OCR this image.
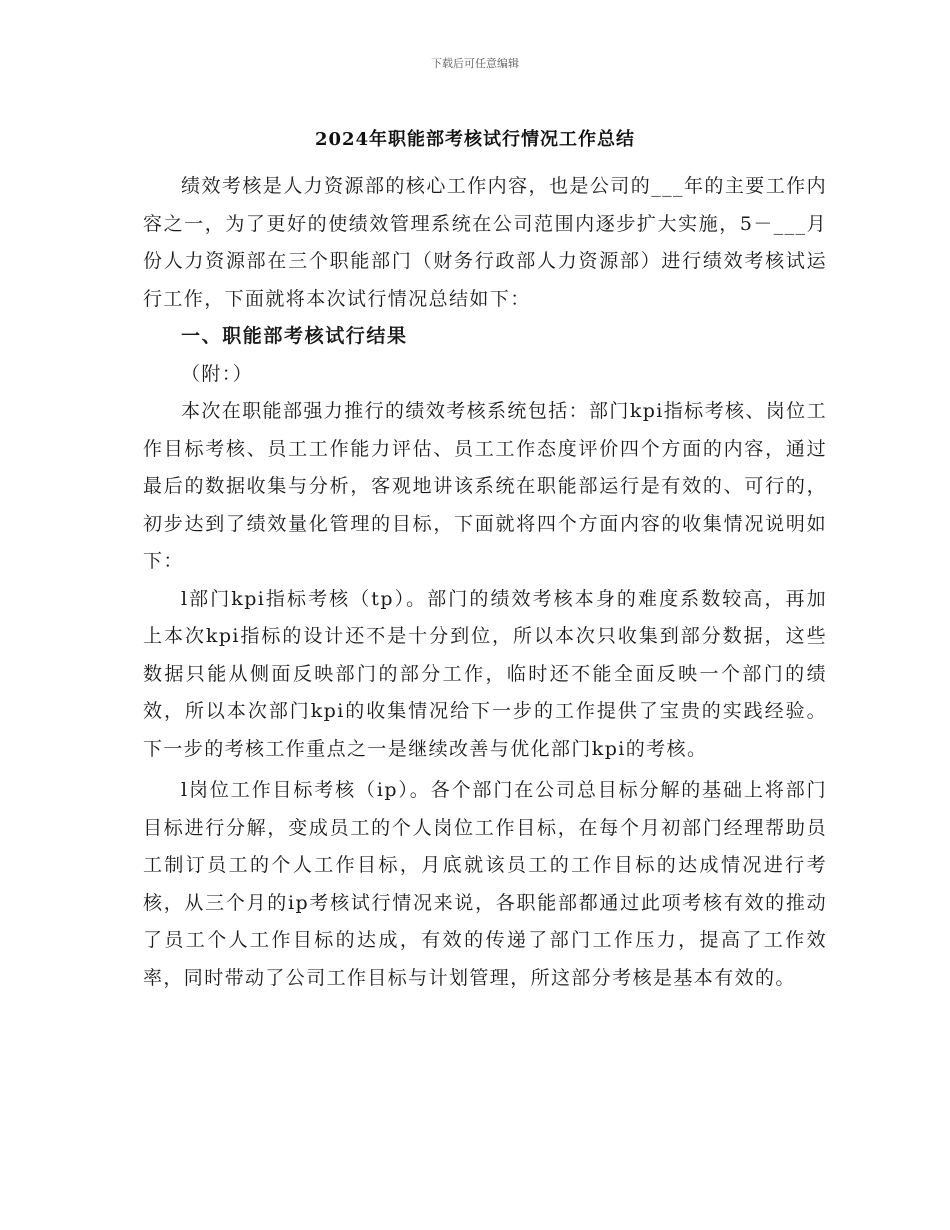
下载后可任意编辑
2024年职能部考核试行情况工作总结

绩效考核是人力资源部的核心工作内容，也是公司的___年的主要工作内容之一，为了更好的使绩效管理系统在公司范围内逐步扩大实施，5－___月份人力资源部在三个职能部门（财务行政部人力资源部）进行绩效考核试运行工作，下面就将本次试行情况总结如下：

一、职能部考核试行结果

（附：）

本次在职能部强力推行的绩效考核系统包括：部门kpi指标考核、岗位工作目标考核、员工工作能力评估、员工工作态度评价四个方面的内容，通过最后的数据收集与分析，客观地讲该系统在职能部运行是有效的、可行的，初步达到了绩效量化管理的目标，下面就将四个方面内容的收集情况说明如下：

l部门kpi指标考核（tp）。部门的绩效考核本身的难度系数较高，再加上本次kpi指标的设计还不是十分到位，所以本次只收集到部分数据，这些数据只能从侧面反映部门的部分工作，临时还不能全面反映一个部门的绩效，所以本次部门kpi的收集情况给下一步的工作提供了宝贵的实践经验。下一步的考核工作重点之一是继续改善与优化部门kpi的考核。

l岗位工作目标考核（ip）。各个部门在公司总目标分解的基础上将部门目标进行分解，变成员工的个人岗位工作目标，在每个月初部门经理帮助员工制订员工的个人工作目标，月底就该员工的工作目标的达成情况进行考核，从三个月的ip考核试行情况来说，各职能部都通过此项考核有效的推动了员工个人工作目标的达成，有效的传递了部门工作压力，提高了工作效率，同时带动了公司工作目标与计划管理，所这部分考核是基本有效的。
